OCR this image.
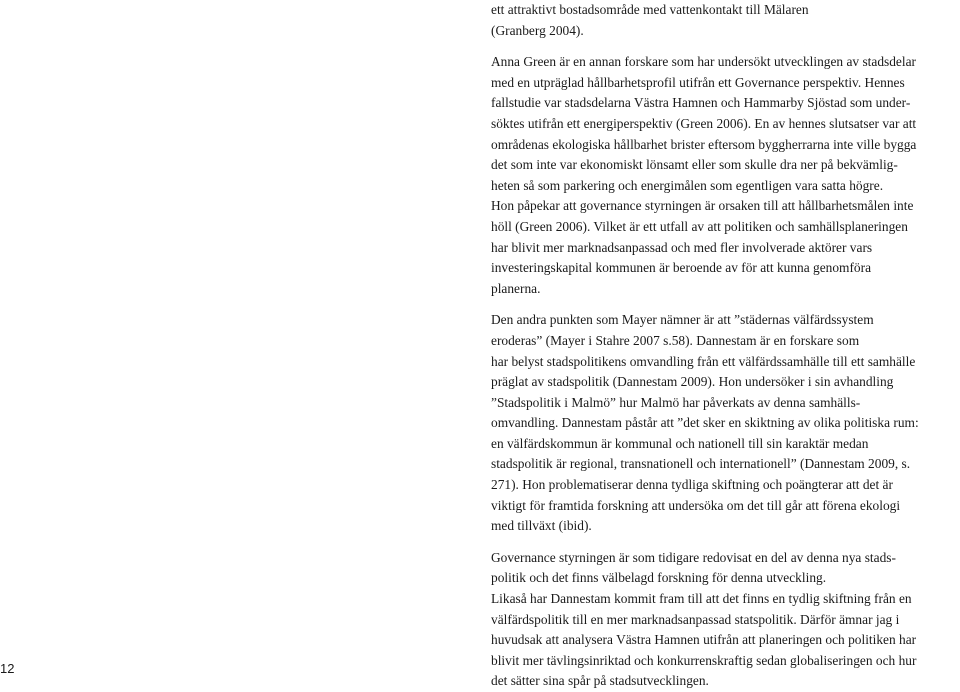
ett attraktivt bostadsområde med vattenkontakt till Mälaren
(Granberg 2004).
Anna Green är en annan forskare som har undersökt utvecklingen av stadsdelar
med en utpräglad hållbarhetsprofil utifrån ett Governance perspektiv. Hennes
fallstudie var stadsdelarna Västra Hamnen och Hammarby Sjöstad som under-
söktes utifrån ett energiperspektiv (Green 2006). En av hennes slutsatser var att
områdenas ekologiska hållbarhet brister eftersom byggherrarna inte ville bygga
det som inte var ekonomiskt lönsamt eller som skulle dra ner på bekvämlig-
heten så som parkering och energimålen som egentligen vara satta högre.
Hon påpekar att governance styrningen är orsaken till att hållbarhetsmålen inte
höll (Green 2006). Vilket är ett utfall av att politiken och samhällsplaneringen
har blivit mer marknadsanpassad och med fler involverade aktörer vars
investeringskapital kommunen är beroende av för att kunna genomföra
planerna.
Den andra punkten som Mayer nämner är att ”städernas välfärdssystem
eroderas” (Mayer i Stahre 2007 s.58). Dannestam är en forskare som
har belyst stadspolitikens omvandling från ett välfärdssamhälle till ett samhälle
präglat av stadspolitik (Dannestam 2009). Hon undersöker i sin avhandling
”Stadspolitik i Malmö” hur Malmö har påverkats av denna samhälls-
omvandling. Dannestam påstår att ”det sker en skiktning av olika politiska rum:
en välfärdskommun är kommunal och nationell till sin karaktär medan
stadspolitik är regional, transnationell och internationell” (Dannestam 2009, s.
271). Hon problematiserar denna tydliga skiftning och poängterar att det är
viktigt för framtida forskning att undersöka om det till går att förena ekologi
med tillväxt (ibid).
Governance styrningen är som tidigare redovisat en del av denna nya stads-
politik och det finns välbelagd forskning för denna utveckling.
Likaså har Dannestam kommit fram till att det finns en tydlig skiftning från en
välfärdspolitik till en mer marknadsanpassad statspolitik. Därför ämnar jag i
huvudsak att analysera Västra Hamnen utifrån att planeringen och politiken har
blivit mer tävlingsinriktad och konkurrenskraftig sedan globaliseringen och hur
det sätter sina spår på stadsutvecklingen.
12
